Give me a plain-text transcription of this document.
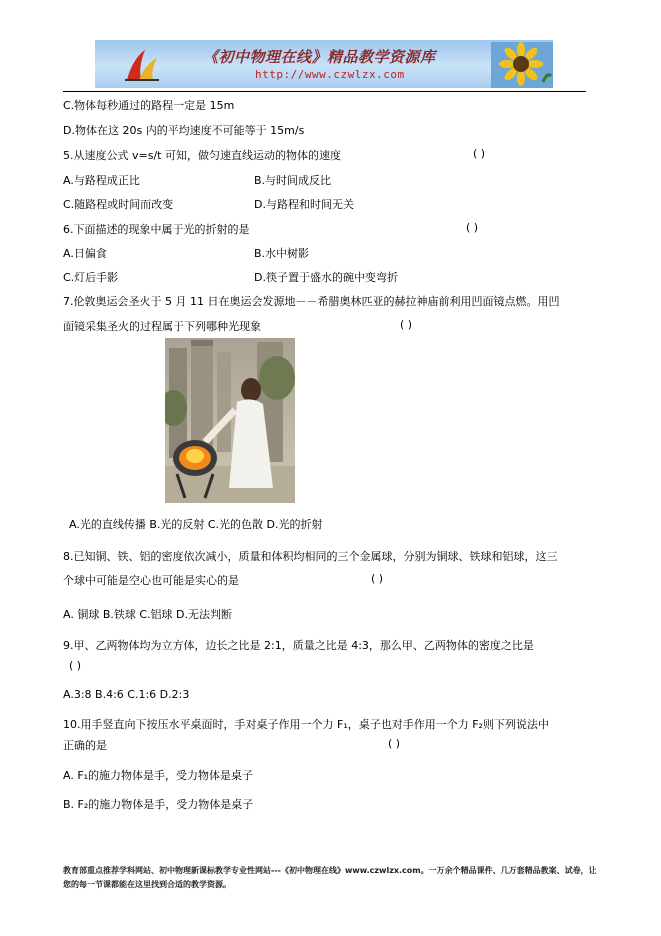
《初中物理在线》精品教学资源库
http://www.czwlzx.com
C.物体每秒通过的路程一定是 15m
D.物体在这 20s 内的平均速度不可能等于 15m/s
5.从速度公式 v=s/t 可知，做匀速直线运动的物体的速度	( )
A.与路程成正比	B.与时间成反比
C.随路程或时间而改变	D.与路程和时间无关
6.下面描述的现象中属于光的折射的是	( )
A.日偏食	B.水中树影
C.灯后手影	D.筷子置于盛水的碗中变弯折
7.伦敦奥运会圣火于 5 月 11 日在奥运会发源地－－希腊奥林匹亚的赫拉神庙前利用凹面镜点燃。用凹
面镜采集圣火的过程属于下列哪种光现象	( )
A.光的直线传播 B.光的反射 C.光的色散 D.光的折射
8.已知铜、铁、铝的密度依次减小，质量和体积均相同的三个金属球，分别为铜球、铁球和铝球，这三
个球中可能是空心也可能是实心的是	( )
A. 铜球 B.铁球 C.铝球 D.无法判断
9.甲、乙两物体均为立方体，边长之比是 2:1，质量之比是 4:3，那么甲、乙两物体的密度之比是
( )
A.3:8 B.4:6 C.1:6 D.2:3
10.用手竖直向下按压水平桌面时，手对桌子作用一个力 F₁，桌子也对手作用一个力 F₂则下列说法中
正确的是	( )
A. F₁的施力物体是手，受力物体是桌子
B. F₂的施力物体是手，受力物体是桌子
教育部重点推荐学科网站、初中物理新课标教学专业性网站---《初中物理在线》www.czwlzx.com。一万余个精品课件、几万套精品教案、试卷，让您的每一节课都能在这里找到合适的教学资源。
